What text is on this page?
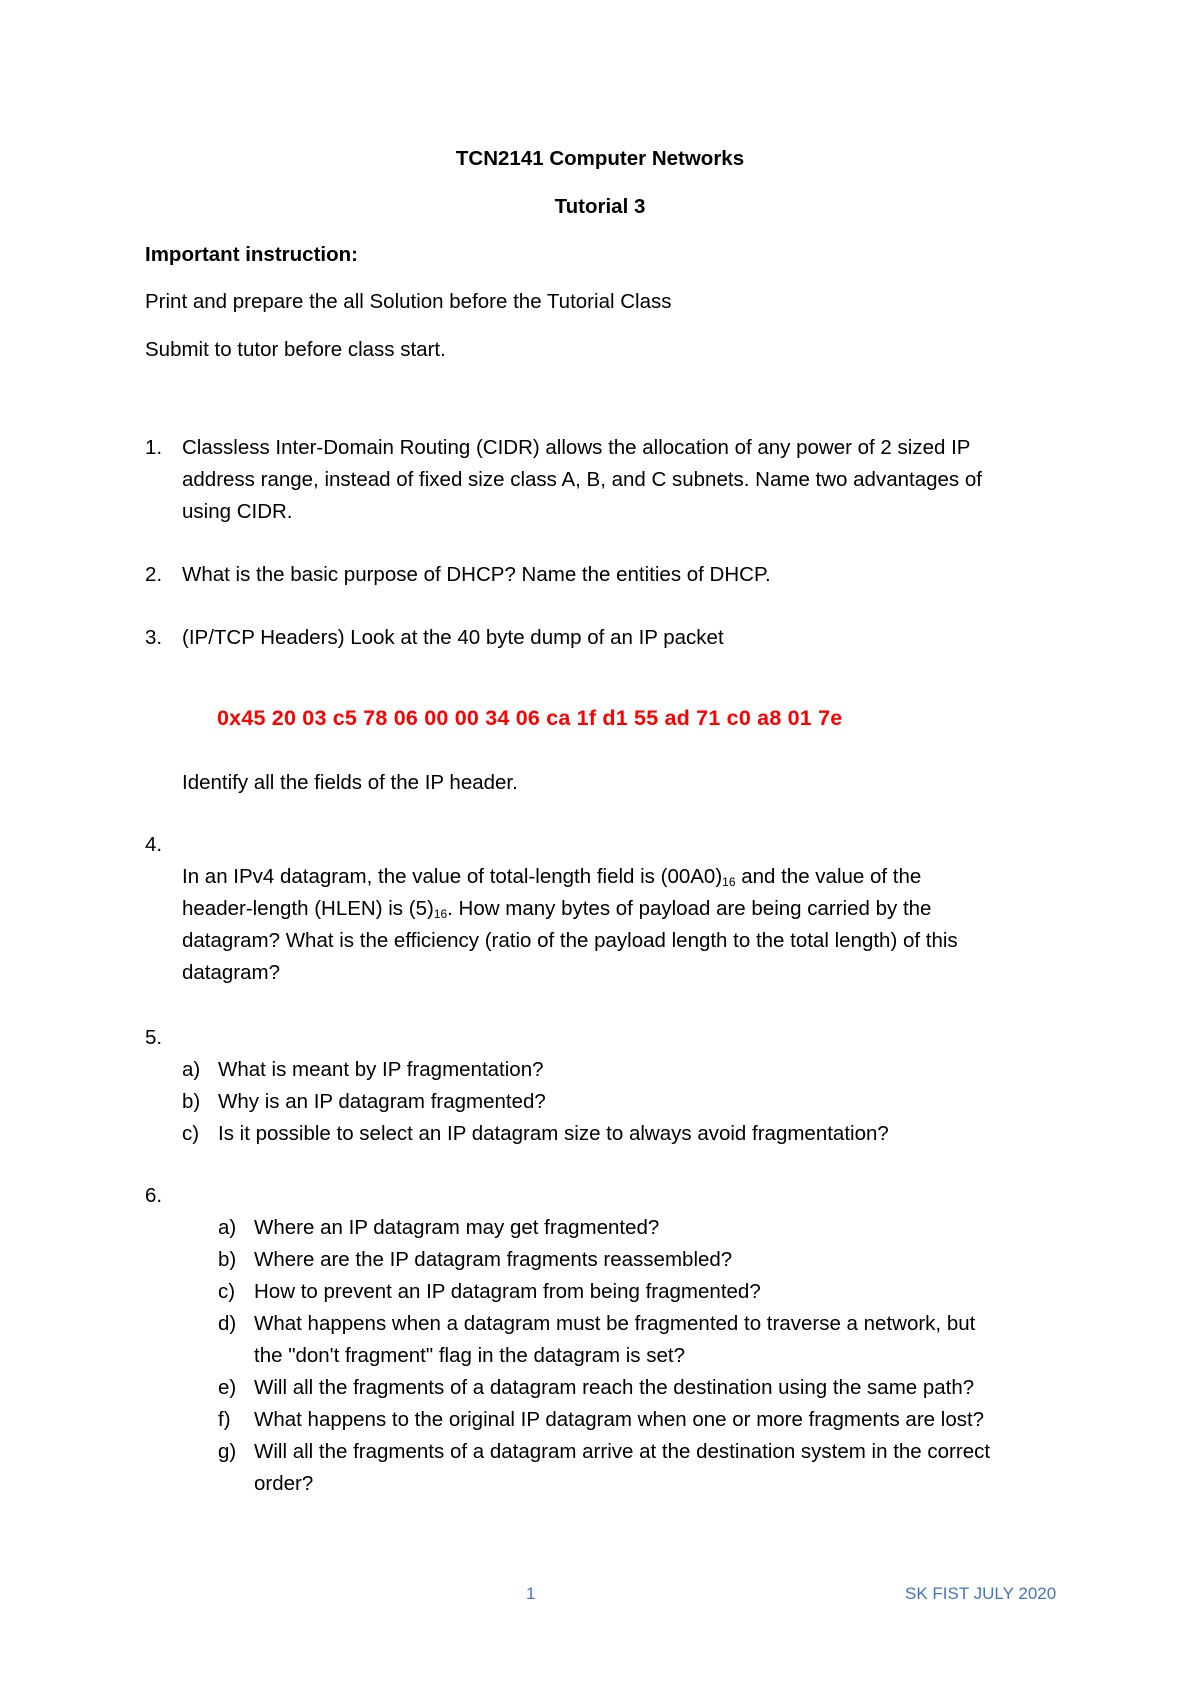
TCN2141 Computer Networks

Tutorial 3

Important instruction:

Print and prepare the all Solution before the Tutorial Class

Submit to tutor before class start.

1. Classless Inter-Domain Routing (CIDR) allows the allocation of any power of 2 sized IP

address range, instead of fixed size class A, B, and C subnets. Name two advantages of

using CIDR.

2. What is the basic purpose of DHCP? Name the entities of DHCP.

3. (IP/TCP Headers) Look at the 40 byte dump of an IP packet

0x45 20 03 c5 78 06 00 00 34 06 ca 1f d1 55 ad 71 c0 a8 01 7e

Identify all the fields of the IP header.

4.

In an IPv4 datagram, the value of total-length field is $(00A0)_{16}$ and the value of the

header-length (HLEN) is $(5)_{16}$. How many bytes of payload are being carried by the

datagram? What is the efficiency (ratio of the payload length to the total length) of this

datagram?

5.

a) What is meant by IP fragmentation?

b) Why is an IP datagram fragmented?

c) Is it possible to select an IP datagram size to always avoid fragmentation?

6.

a) Where an IP datagram may get fragmented?

b) Where are the IP datagram fragments reassembled?

c) How to prevent an IP datagram from being fragmented?

d) What happens when a datagram must be fragmented to traverse a network, but

the "don't fragment" flag in the datagram is set?

e) Will all the fragments of a datagram reach the destination using the same path?

f) What happens to the original IP datagram when one or more fragments are lost?

g) Will all the fragments of a datagram arrive at the destination system in the correct

order?

1	SK FIST JULY 2020
